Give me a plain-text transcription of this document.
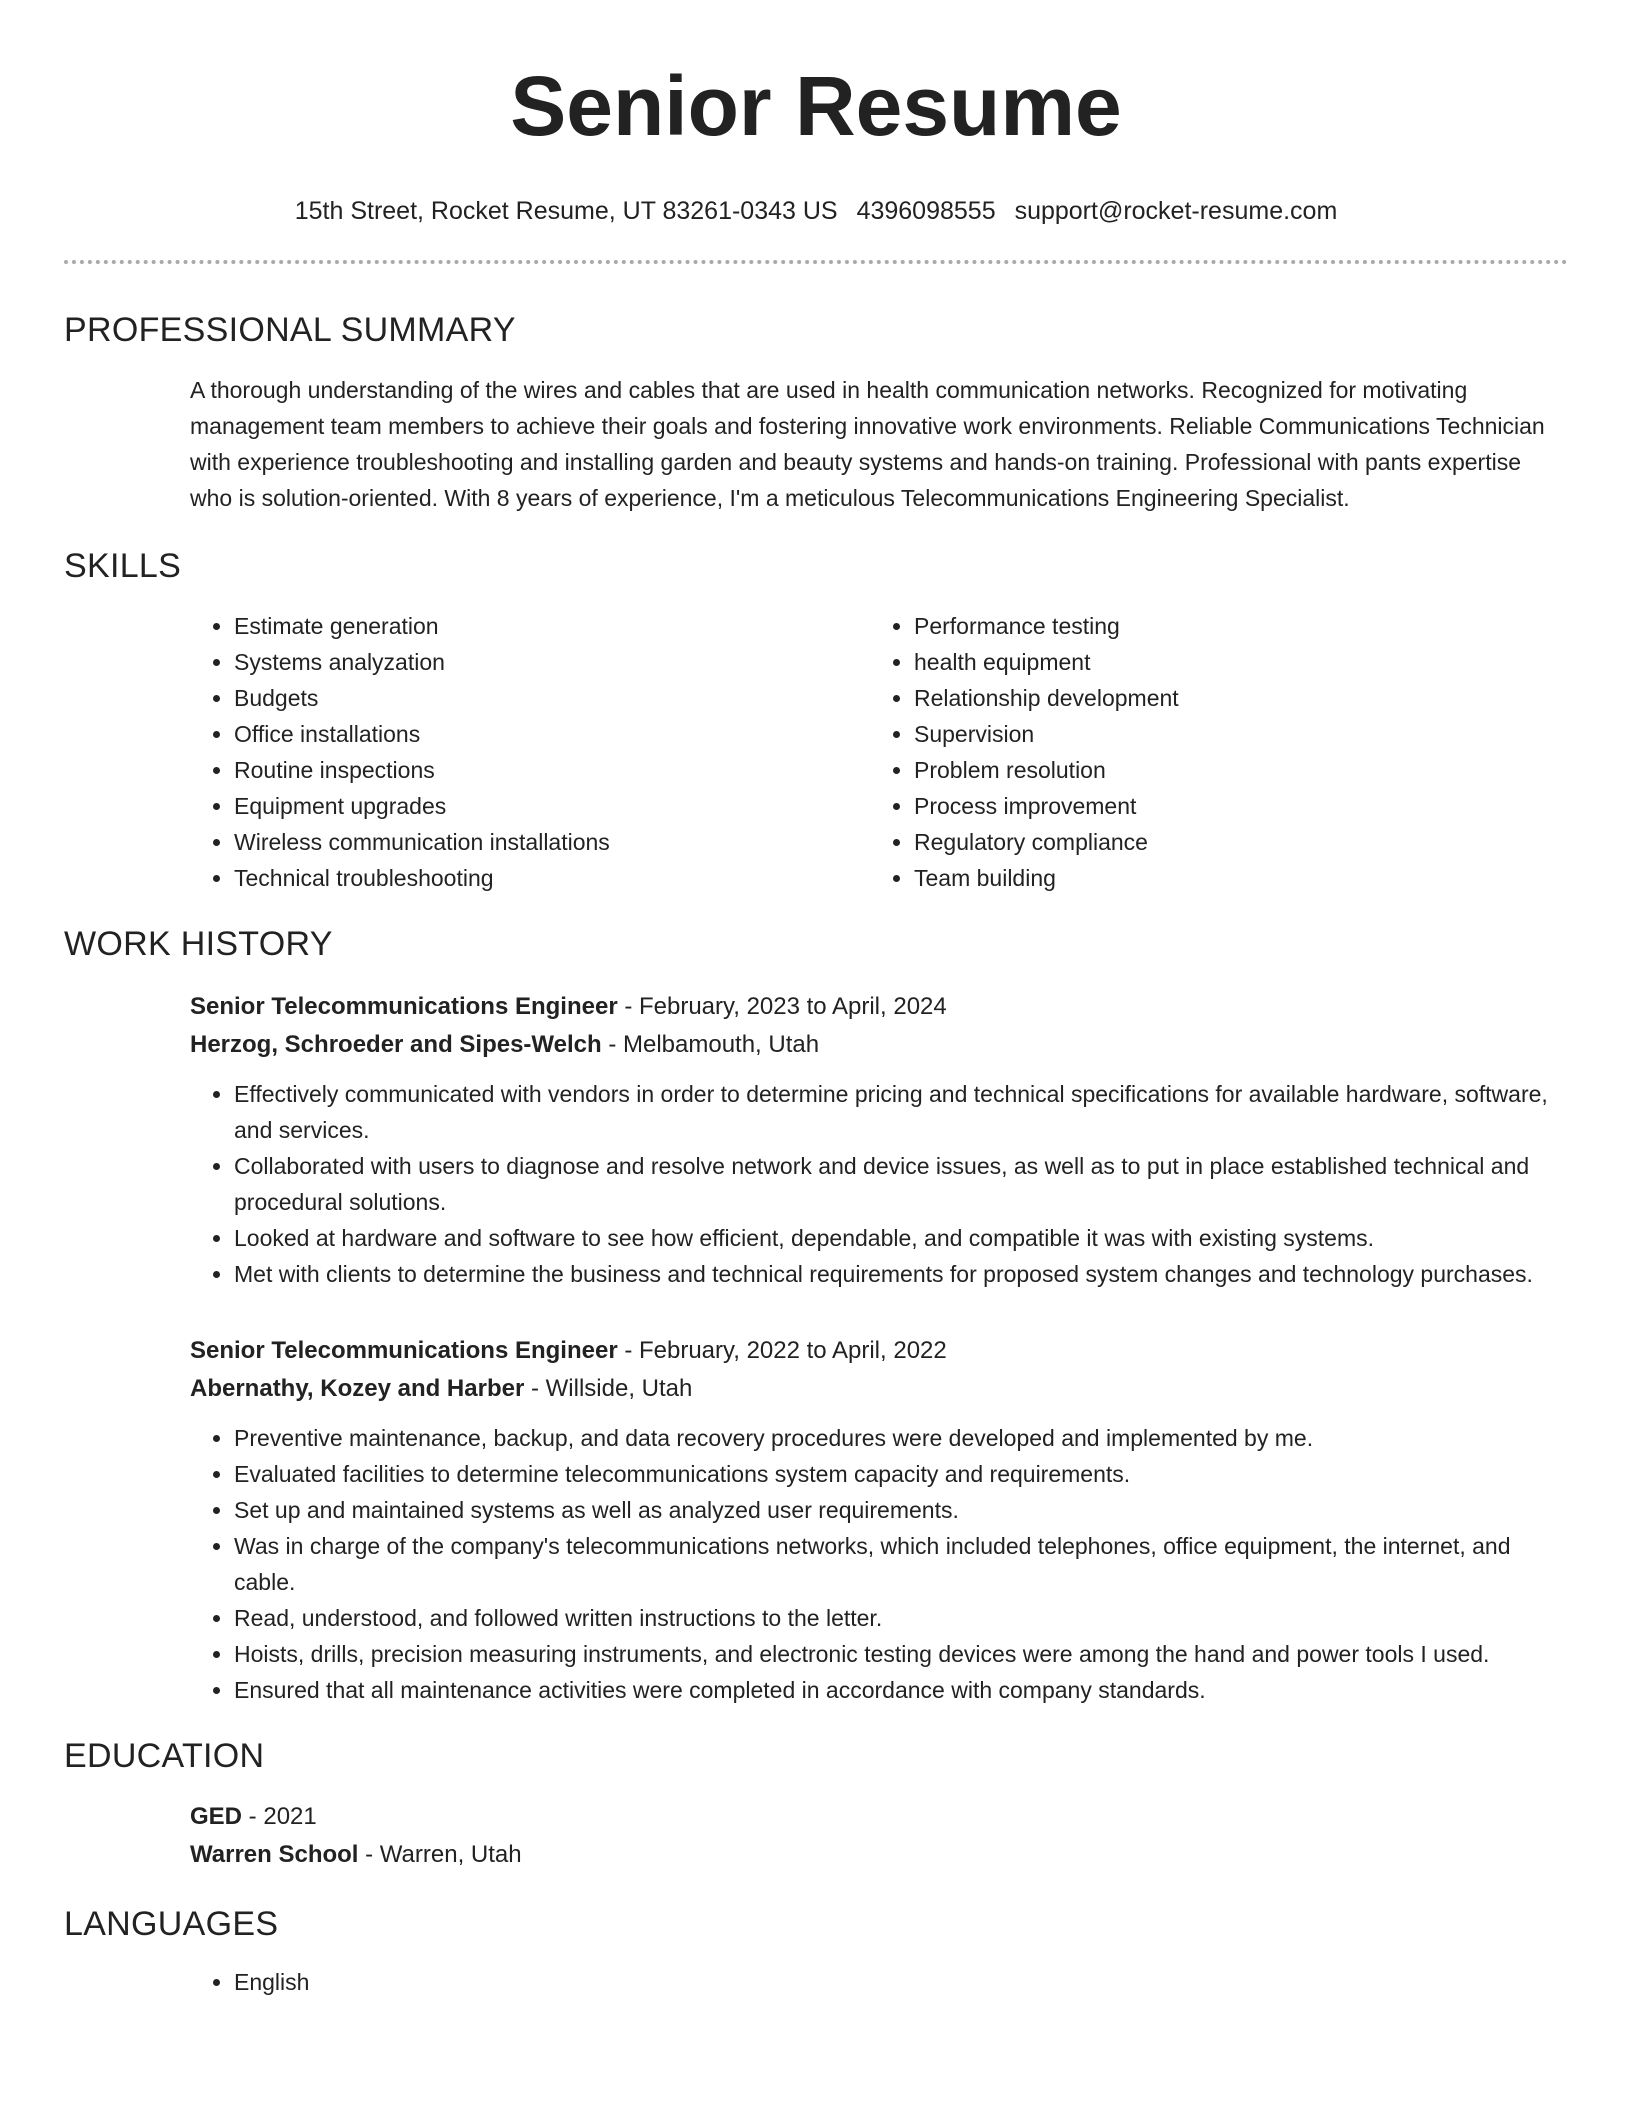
Senior Resume
15th Street, Rocket Resume, UT 83261-0343 US 4396098555 support@rocket-resume.com
PROFESSIONAL SUMMARY
A thorough understanding of the wires and cables that are used in health communication networks. Recognized for motivating management team members to achieve their goals and fostering innovative work environments. Reliable Communications Technician with experience troubleshooting and installing garden and beauty systems and hands-on training. Professional with pants expertise who is solution-oriented. With 8 years of experience, I'm a meticulous Telecommunications Engineering Specialist.
SKILLS
• Estimate generation
• Systems analyzation
• Budgets
• Office installations
• Routine inspections
• Equipment upgrades
• Wireless communication installations
• Technical troubleshooting
• Performance testing
• health equipment
• Relationship development
• Supervision
• Problem resolution
• Process improvement
• Regulatory compliance
• Team building
WORK HISTORY
Senior Telecommunications Engineer - February, 2023 to April, 2024
Herzog, Schroeder and Sipes-Welch - Melbamouth, Utah
• Effectively communicated with vendors in order to determine pricing and technical specifications for available hardware, software, and services.
• Collaborated with users to diagnose and resolve network and device issues, as well as to put in place established technical and procedural solutions.
• Looked at hardware and software to see how efficient, dependable, and compatible it was with existing systems.
• Met with clients to determine the business and technical requirements for proposed system changes and technology purchases.
Senior Telecommunications Engineer - February, 2022 to April, 2022
Abernathy, Kozey and Harber - Willside, Utah
• Preventive maintenance, backup, and data recovery procedures were developed and implemented by me.
• Evaluated facilities to determine telecommunications system capacity and requirements.
• Set up and maintained systems as well as analyzed user requirements.
• Was in charge of the company's telecommunications networks, which included telephones, office equipment, the internet, and cable.
• Read, understood, and followed written instructions to the letter.
• Hoists, drills, precision measuring instruments, and electronic testing devices were among the hand and power tools I used.
• Ensured that all maintenance activities were completed in accordance with company standards.
EDUCATION
GED - 2021
Warren School - Warren, Utah
LANGUAGES
• English
